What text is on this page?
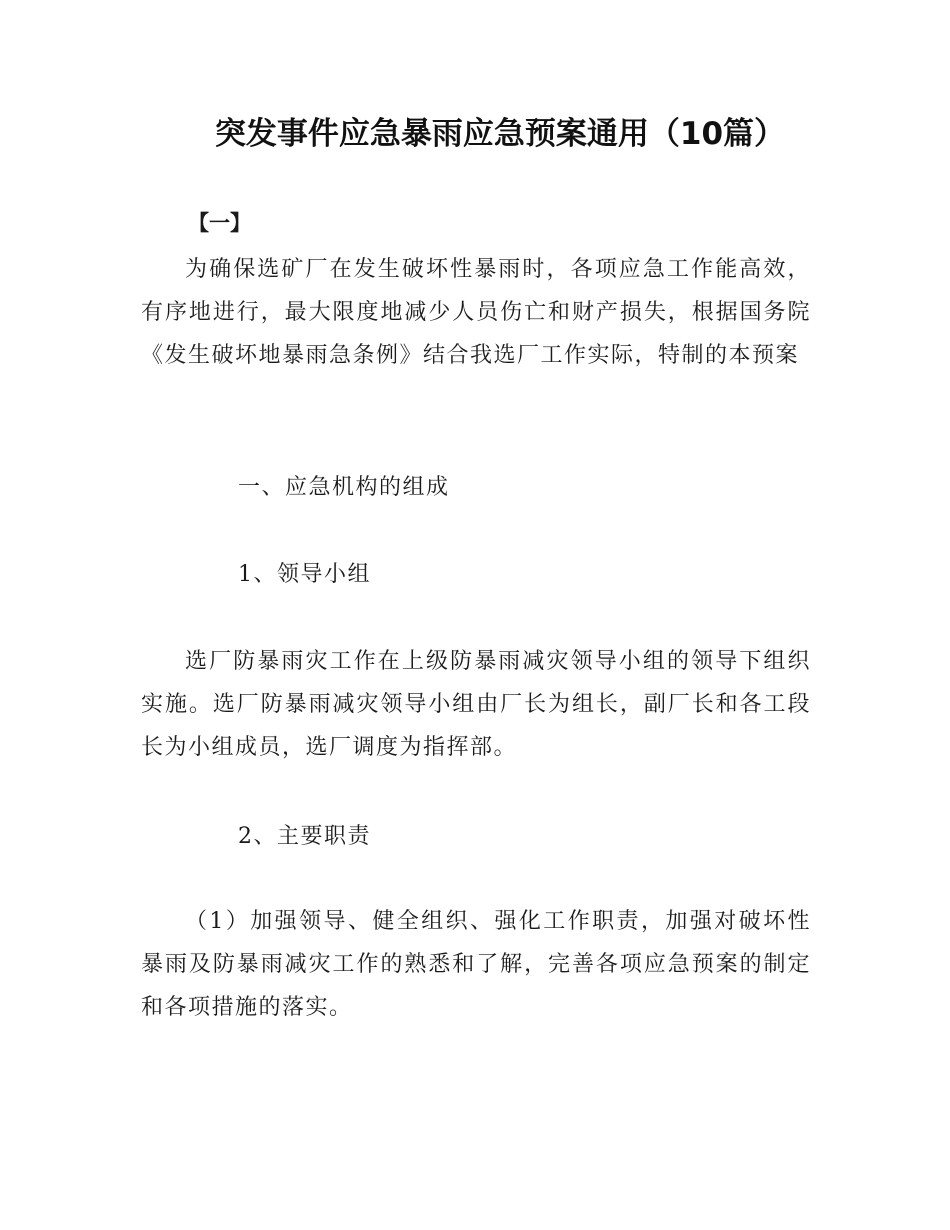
突发事件应急暴雨应急预案通用（10篇）
【一】

为确保选矿厂在发生破坏性暴雨时，各项应急工作能高效，有序地进行，最大限度地减少人员伤亡和财产损失，根据国务院《发生破坏地暴雨急条例》结合我选厂工作实际，特制的本预案

一、应急机构的组成
1、领导小组

选厂防暴雨灾工作在上级防暴雨减灾领导小组的领导下组织实施。选厂防暴雨减灾领导小组由厂长为组长，副厂长和各工段长为小组成员，选厂调度为指挥部。

2、主要职责

（1）加强领导、健全组织、强化工作职责，加强对破坏性暴雨及防暴雨减灾工作的熟悉和了解，完善各项应急预案的制定和各项措施的落实。
